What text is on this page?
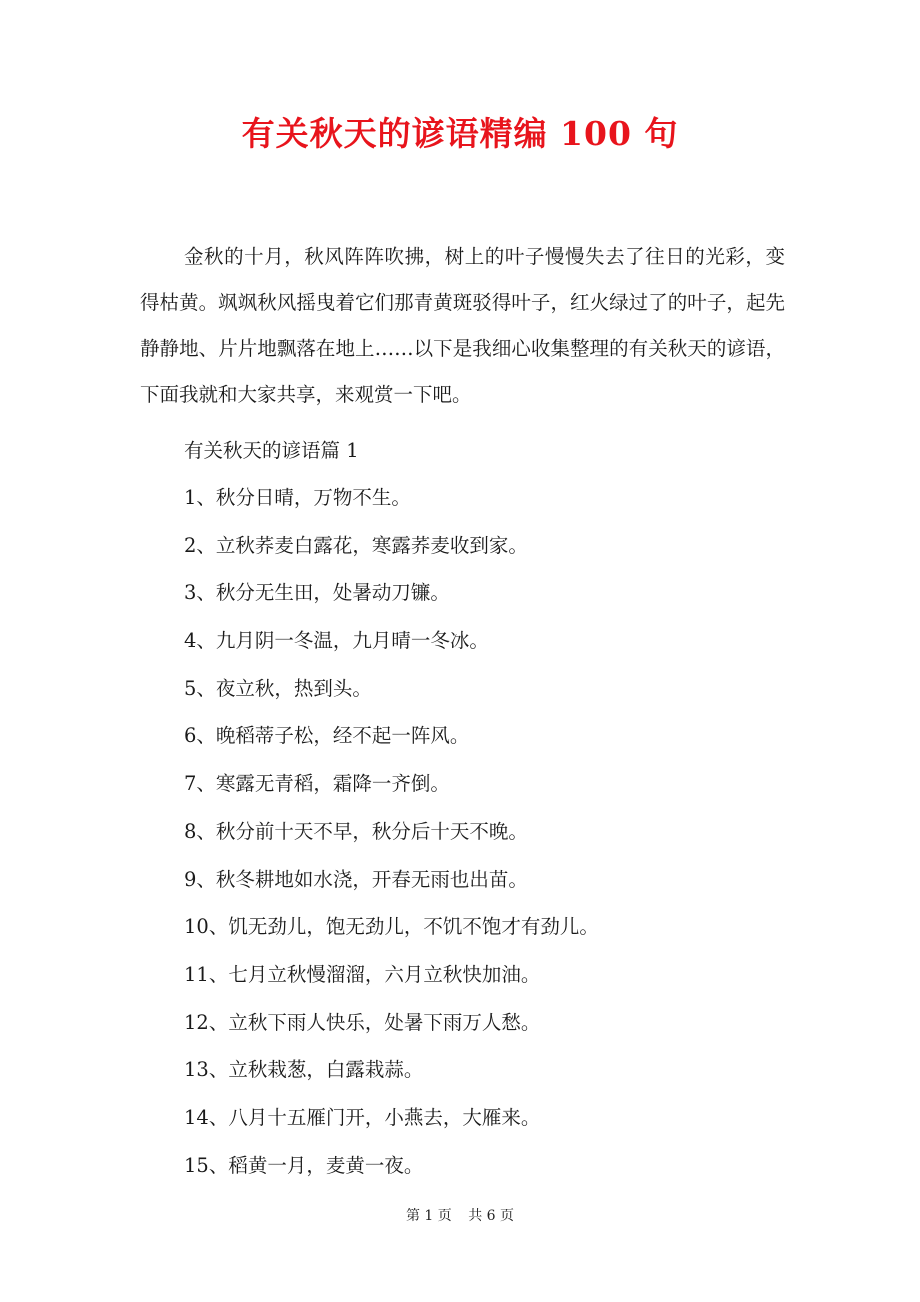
有关秋天的谚语精编 100 句

金秋的十月，秋风阵阵吹拂，树上的叶子慢慢失去了往日的光彩，变得枯黄。飒飒秋风摇曳着它们那青黄斑驳得叶子，红火绿过了的叶子，起先静静地、片片地飘落在地上……以下是我细心收集整理的有关秋天的谚语，下面我就和大家共享，来观赏一下吧。

有关秋天的谚语篇 1
1、秋分日晴，万物不生。
2、立秋荞麦白露花，寒露荞麦收到家。
3、秋分无生田，处暑动刀镰。
4、九月阴一冬温，九月晴一冬冰。
5、夜立秋，热到头。
6、晚稻蒂子松，经不起一阵风。
7、寒露无青稻，霜降一齐倒。
8、秋分前十天不早，秋分后十天不晚。
9、秋冬耕地如水浇，开春无雨也出苗。
10、饥无劲儿，饱无劲儿，不饥不饱才有劲儿。
11、七月立秋慢溜溜，六月立秋快加油。
12、立秋下雨人快乐，处暑下雨万人愁。
13、立秋栽葱，白露栽蒜。
14、八月十五雁门开，小燕去，大雁来。
15、稻黄一月，麦黄一夜。
第 1 页 共 6 页
